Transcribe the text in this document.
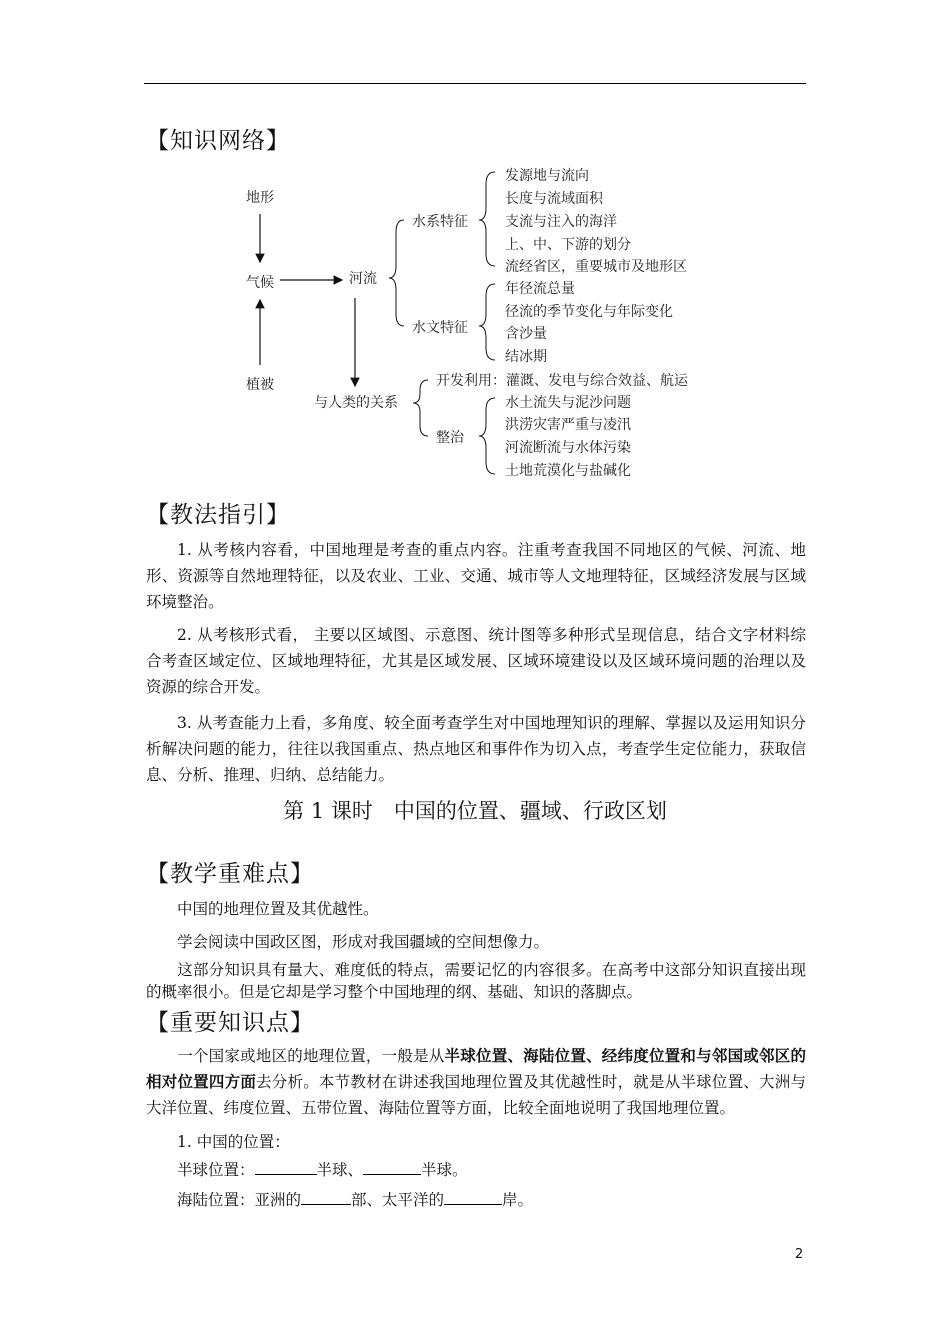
【知识网络】
地形
气候
植被
河流
与人类的关系
水系特征
水文特征
发源地与流向
长度与流域面积
支流与注入的海洋
上、中、下游的划分
流经省区，重要城市及地形区
年径流总量
径流的季节变化与年际变化
含沙量
结冰期
开发利用：灌溉、发电与综合效益、航运
整治
水土流失与泥沙问题
洪涝灾害严重与凌汛
河流断流与水体污染
土地荒漠化与盐碱化
【教法指引】
1. 从考核内容看，中国地理是考查的重点内容。注重考查我国不同地区的气候、河流、地形、资源等自然地理特征，以及农业、工业、交通、城市等人文地理特征，区域经济发展与区域环境整治。
2. 从考核形式看， 主要以区域图、示意图、统计图等多种形式呈现信息，结合文字材料综合考查区域定位、区域地理特征，尤其是区域发展、区域环境建设以及区域环境问题的治理以及资源的综合开发。
3. 从考查能力上看，多角度、较全面考查学生对中国地理知识的理解、掌握以及运用知识分析解决问题的能力，往往以我国重点、热点地区和事件作为切入点，考查学生定位能力，获取信息、分析、推理、归纳、总结能力。
第 1 课时　中国的位置、疆域、行政区划
【教学重难点】
中国的地理位置及其优越性。
学会阅读中国政区图，形成对我国疆域的空间想像力。
这部分知识具有量大、难度低的特点，需要记忆的内容很多。在高考中这部分知识直接出现的概率很小。但是它却是学习整个中国地理的纲、基础、知识的落脚点。
【重要知识点】
一个国家或地区的地理位置，一般是从半球位置、海陆位置、经纬度位置和与邻国或邻区的相对位置四方面去分析。本节教材在讲述我国地理位置及其优越性时，就是从半球位置、大洲与大洋位置、纬度位置、五带位置、海陆位置等方面，比较全面地说明了我国地理位置。
1. 中国的位置：
半球位置：	半球、	半球。
海陆位置：亚洲的	部、太平洋的	岸。
2
